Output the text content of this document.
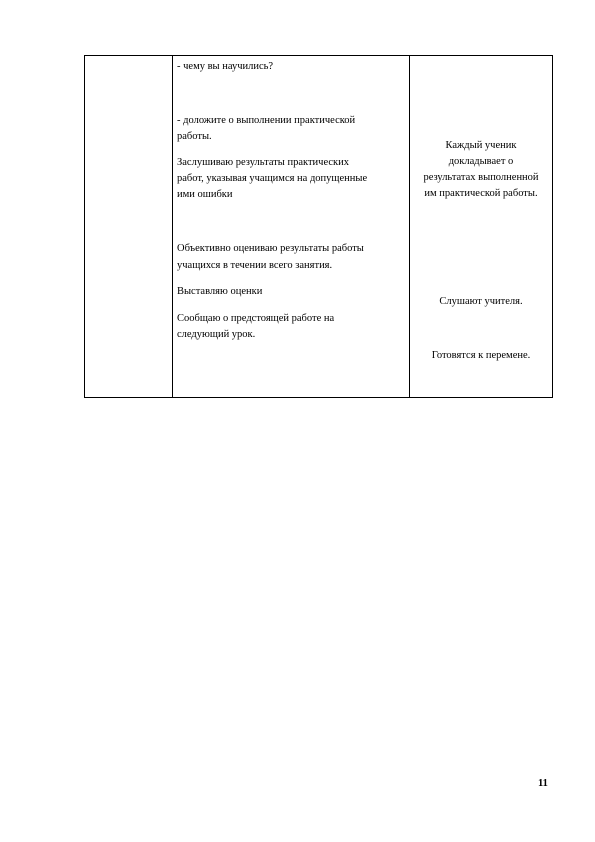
- чему вы научились?
- доложите о выполнении практической
работы.
Заслушиваю результаты практических
работ, указывая учащимся на допущенные
ими ошибки
Объективно оцениваю результаты работы
учащихся в течении всего занятия.
Выставляю оценки
Сообщаю о предстоящей работе на
следующий урок.
Каждый ученик
докладывает о
результатах выполненной
им практической работы.
Слушают учителя.
Готовятся к перемене.
11
